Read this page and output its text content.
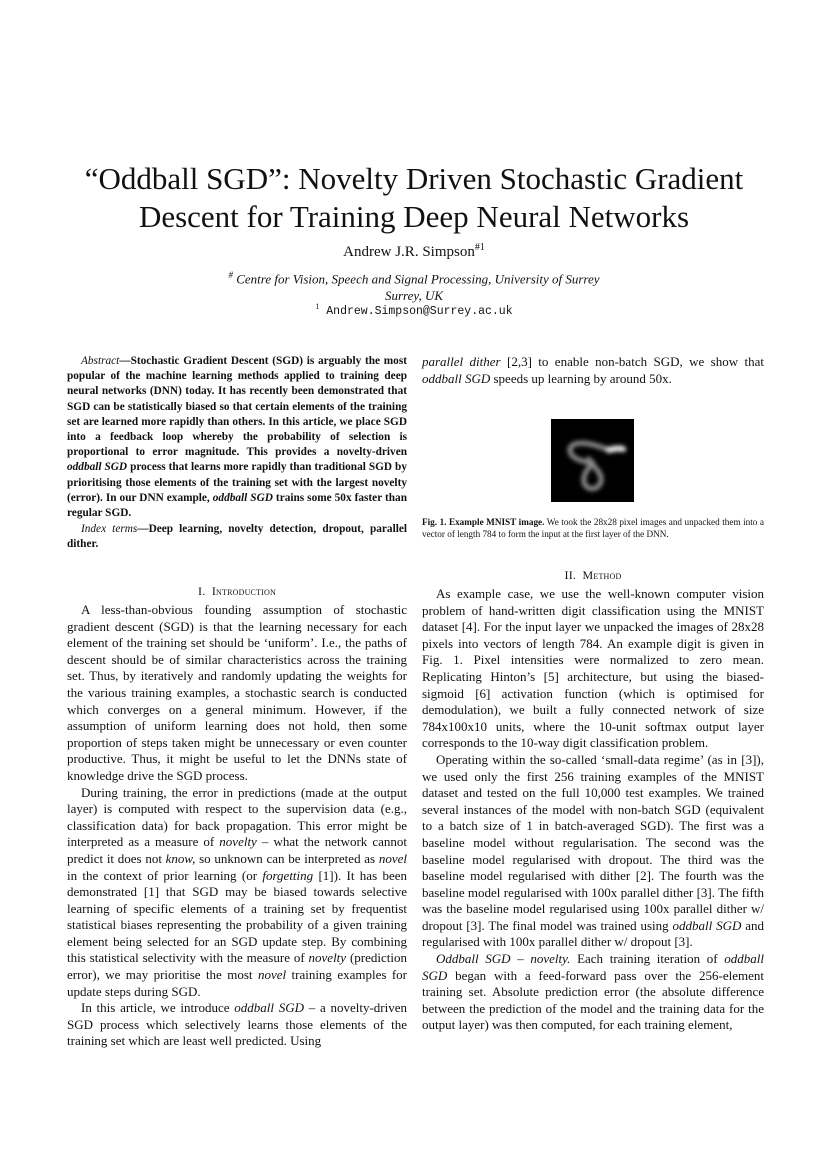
“Oddball SGD”: Novelty Driven Stochastic Gradient
Descent for Training Deep Neural Networks
Andrew J.R. Simpson$^{\#1}$
# Centre for Vision, Speech and Signal Processing, University of Surrey
Surrey, UK
$^1$ Andrew.Simpson@Surrey.ac.uk
Abstract—Stochastic Gradient Descent (SGD) is arguably the most popular of the machine learning methods applied to training deep neural networks (DNN) today. It has recently been demonstrated that SGD can be statistically biased so that certain elements of the training set are learned more rapidly than others. In this article, we place SGD into a feedback loop whereby the probability of selection is proportional to error magnitude. This provides a novelty-driven oddball SGD process that learns more rapidly than traditional SGD by prioritising those elements of the training set with the largest novelty (error). In our DNN example, oddball SGD trains some 50x faster than regular SGD.
Index terms—Deep learning, novelty detection, dropout, parallel dither.
I. Introduction

A less-than-obvious founding assumption of stochastic gradient descent (SGD) is that the learning necessary for each element of the training set should be ‘uniform’. I.e., the paths of descent should be of similar characteristics across the training set. Thus, by iteratively and randomly updating the weights for the various training examples, a stochastic search is conducted which converges on a general minimum. However, if the assumption of uniform learning does not hold, then some proportion of steps taken might be unnecessary or even counter productive. Thus, it might be useful to let the DNNs state of knowledge drive the SGD process.

During training, the error in predictions (made at the output layer) is computed with respect to the supervision data (e.g., classification data) for back propagation. This error might be interpreted as a measure of novelty – what the network cannot predict it does not know, so unknown can be interpreted as novel in the context of prior learning (or forgetting [1]). It has been demonstrated [1] that SGD may be biased towards selective learning of specific elements of a training set by frequentist statistical biases representing the probability of a given training element being selected for an SGD update step. By combining this statistical selectivity with the measure of novelty (prediction error), we may prioritise the most novel training examples for update steps during SGD.

In this article, we introduce oddball SGD – a novelty-driven SGD process which selectively learns those elements of the training set which are least well predicted. Using

parallel dither [2,3] to enable non-batch SGD, we show that oddball SGD speeds up learning by around 50x.

Fig. 1. Example MNIST image. We took the 28x28 pixel images and unpacked them into a vector of length 784 to form the input at the first layer of the DNN.
II. Method

As example case, we use the well-known computer vision problem of hand-written digit classification using the MNIST dataset [4]. For the input layer we unpacked the images of 28x28 pixels into vectors of length 784. An example digit is given in Fig. 1. Pixel intensities were normalized to zero mean. Replicating Hinton’s [5] architecture, but using the biased-sigmoid [6] activation function (which is optimised for demodulation), we built a fully connected network of size 784x100x10 units, where the 10-unit softmax output layer corresponds to the 10-way digit classification problem.

Operating within the so-called ‘small-data regime’ (as in [3]), we used only the first 256 training examples of the MNIST dataset and tested on the full 10,000 test examples. We trained several instances of the model with non-batch SGD (equivalent to a batch size of 1 in batch-averaged SGD). The first was a baseline model without regularisation. The second was the baseline model regularised with dropout. The third was the baseline model regularised with dither [2]. The fourth was the baseline model regularised with 100x parallel dither [3]. The fifth was the baseline model regularised using 100x parallel dither w/ dropout [3]. The final model was trained using oddball SGD and regularised with 100x parallel dither w/ dropout [3].

Oddball SGD – novelty. Each training iteration of oddball SGD began with a feed-forward pass over the 256-element training set. Absolute prediction error (the absolute difference between the prediction of the model and the training data for the output layer) was then computed, for each training element,
